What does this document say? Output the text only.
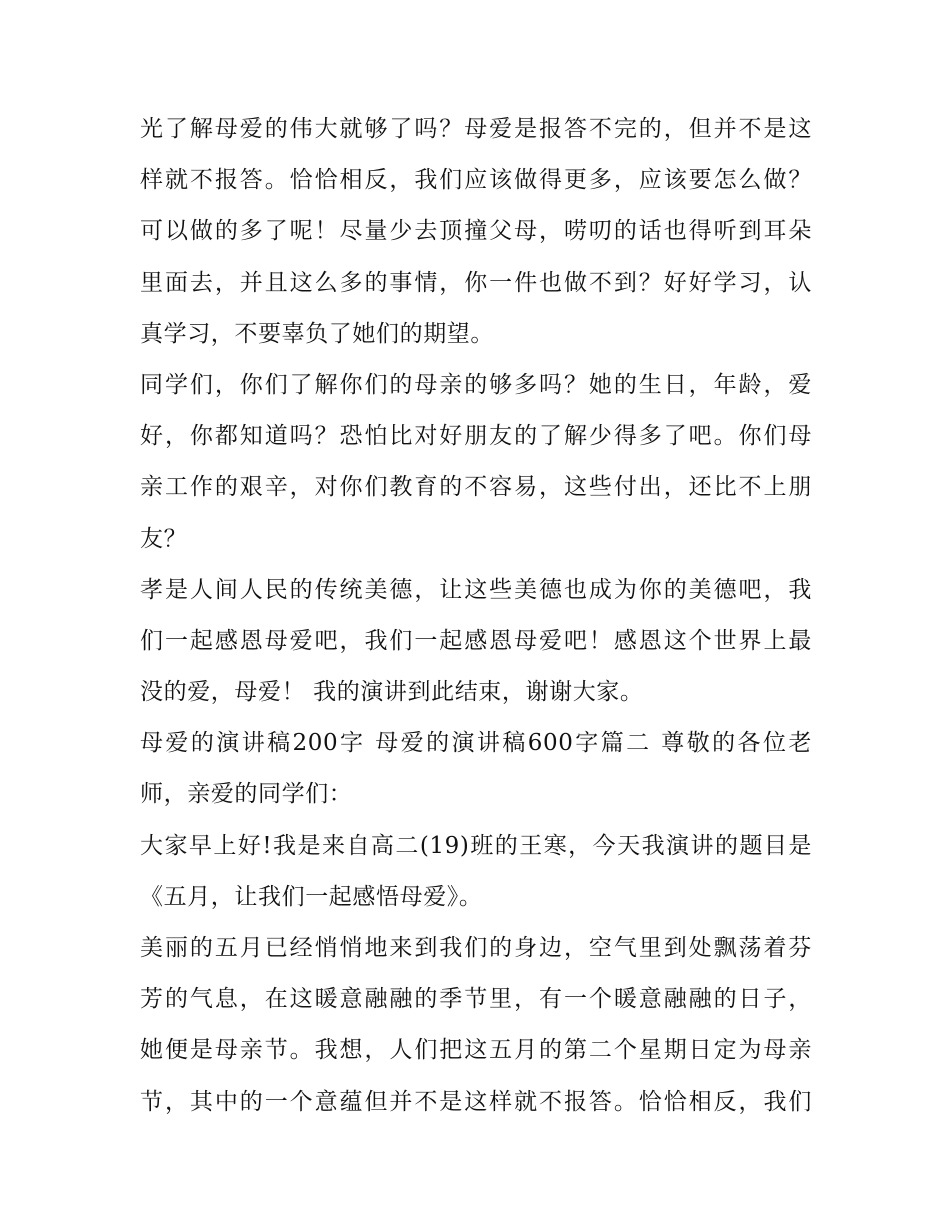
光了解母爱的伟大就够了吗？母爱是报答不完的，但并不是这
样就不报答。恰恰相反，我们应该做得更多，应该要怎么做？
可以做的多了呢！尽量少去顶撞父母，唠叨的话也得听到耳朵
里面去，并且这么多的事情，你一件也做不到？好好学习，认
真学习，不要辜负了她们的期望。
同学们，你们了解你们的母亲的够多吗？她的生日，年龄，爱
好，你都知道吗？恐怕比对好朋友的了解少得多了吧。你们母
亲工作的艰辛，对你们教育的不容易，这些付出，还比不上朋
友？
孝是人间人民的传统美德，让这些美德也成为你的美德吧，我
们一起感恩母爱吧，我们一起感恩母爱吧！感恩这个世界上最
没的爱，母爱！ 我的演讲到此结束，谢谢大家。
母爱的演讲稿200字 母爱的演讲稿600字篇二 尊敬的各位老
师，亲爱的同学们：
大家早上好!我是来自高二(19)班的王寒，今天我演讲的题目是
《五月，让我们一起感悟母爱》。
美丽的五月已经悄悄地来到我们的身边，空气里到处飘荡着芬
芳的气息，在这暖意融融的季节里，有一个暖意融融的日子，
她便是母亲节。我想，人们把这五月的第二个星期日定为母亲
节，其中的一个意蕴但并不是这样就不报答。恰恰相反，我们
